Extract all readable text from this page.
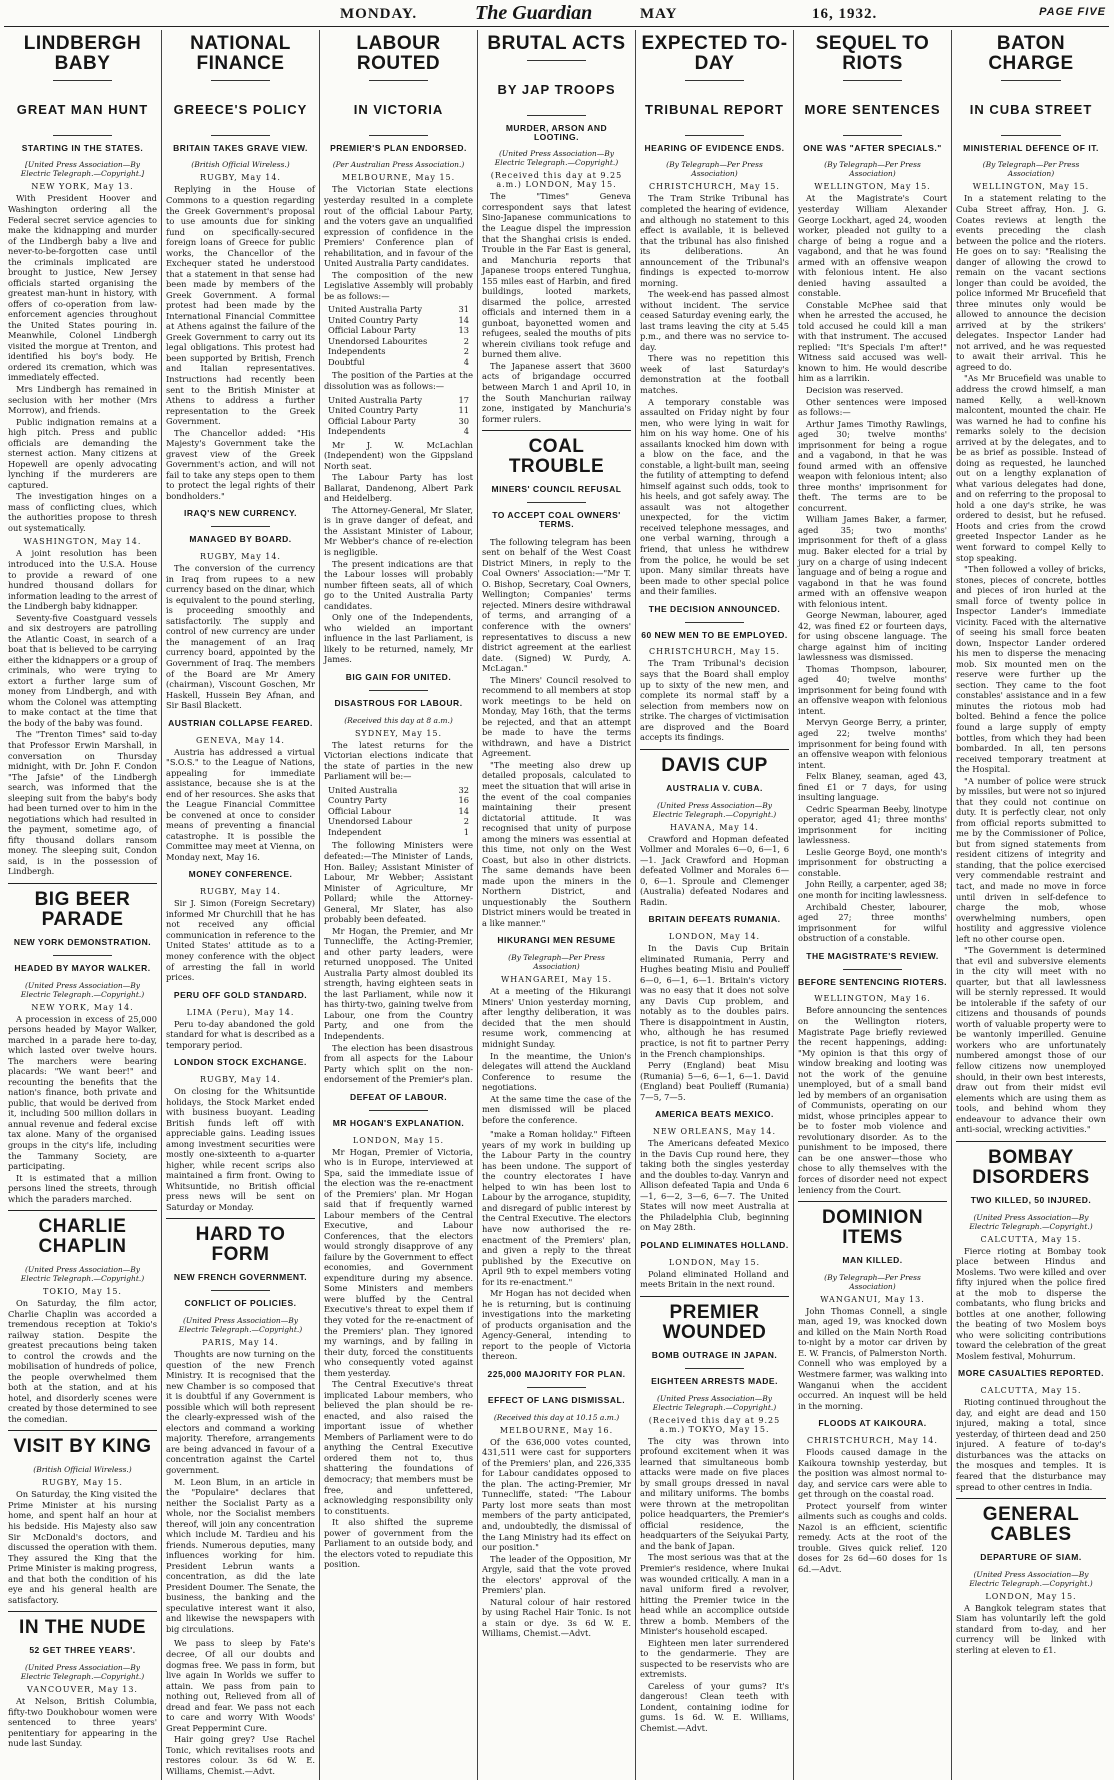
MONDAY.	The Guardian	MAY	16, 1932.	PAGE FIVE
LINDBERGH BABY
GREAT MAN HUNT
STARTING IN THE STATES.
[United Press Association—By Electric Telegraph.—Copyright.]
NEW YORK, May 13.

With President Hoover and Washington ordering all the Federal secret service agencies to make the kidnapping and murder of the Lindbergh baby a live and never-to-be-forgotten case until the criminals implicated are brought to justice, New Jersey officials started organising the greatest man-hunt in history, with offers of co-operation from law-enforcement agencies throughout the United States pouring in. Meanwhile, Colonel Lindbergh visited the morgue at Trenton, and identified his boy's body. He ordered its cremation, which was immediately effected.

Mrs Lindbergh has remained in seclusion with her mother (Mrs Morrow), and friends.

Public indignation remains at a high pitch. Press and public officials are demanding the sternest action. Many citizens at Hopewell are openly advocating lynching if the murderers are captured.

The investigation hinges on a mass of conflicting clues, which the authorities propose to thresh out systematically.

WASHINGTON, May 14.

A joint resolution has been introduced into the U.S.A. House to provide a reward of one hundred thousand dollars for information leading to the arrest of the Lindbergh baby kidnapper.

Seventy-five Coastguard vessels and six destroyers are patrolling the Atlantic Coast, in search of a boat that is believed to be carrying either the kidnappers or a group of criminals, who were trying to extort a further large sum of money from Lindbergh, and with whom the Colonel was attempting to make contact at the time that the body of the baby was found.

The "Trenton Times" said to-day that Professor Erwin Marshall, in conversation on Thursday midnight, with Dr. John F. Condon "The Jafsie" of the Lindbergh search, was informed that the sleeping suit from the baby's body had been turned over to him in the negotiations which had resulted in the payment, sometime ago, of fifty thousand dollars ransom money. The sleeping suit, Condon said, is in the possession of Lindbergh.

BIG BEER PARADE
NEW YORK DEMONSTRATION.
HEADED BY MAYOR WALKER.
(United Press Association—By Electric Telegraph.—Copyright.)
NEW YORK, May 14.

A procession in excess of 25,000 persons headed by Mayor Walker, marched in a parade here to-day, which lasted over twelve hours. The marchers were bearing placards: "We want beer!" and recounting the benefits that the nation's finance, both private and public, that would be derived from it, including 500 million dollars in annual revenue and federal excise tax alone. Many of the organised groups in the city's life, including the Tammany Society, are participating.

It is estimated that a million persons lined the streets, through which the paraders marched.

CHARLIE CHAPLIN
(United Press Association—By Electric Telegraph.—Copyright.)
TOKIO, May 15.

On Saturday, the film actor, Charlie Chaplin was accorded a tremendous reception at Tokio's railway station. Despite the greatest precautions being taken to control the crowds and the mobilisation of hundreds of police, the people overwhelmed them both at the station, and at his hotel, and disorderly scenes were created by those determined to see the comedian.

VISIT BY KING
(British Official Wireless.)
RUGBY, May 15.

On Saturday, the King visited the Prime Minister at his nursing home, and spent half an hour at his bedside. His Majesty also saw Sir McDonald's doctors, and discussed the operation with them. They assured the King that the Prime Minister is making progress, and that both the condition of his eye and his general health are satisfactory.

IN THE NUDE
52 GET THREE YEARS'.
(United Press Association—By Electric Telegraph.—Copyright.)
VANCOUVER, May 13.

At Nelson, British Columbia, fifty-two Doukhobour women were sentenced to three years' penitentiary for appearing in the nude last Sunday.

NATIONAL FINANCE
GREECE'S POLICY
BRITAIN TAKES GRAVE VIEW.
(British Official Wireless.)
RUGBY, May 14.

Replying in the House of Commons to a question regarding the Greek Government's proposal to use amounts due for sinking fund on specifically-secured foreign loans of Greece for public works, the Chancellor of the Exchequer stated he understood that a statement in that sense had been made by members of the Greek Government. A formal protest had been made by the International Financial Committee at Athens against the failure of the Greek Government to carry out its legal obligations. This protest had been supported by British, French and Italian representatives. Instructions had recently been sent to the British Minister at Athens to address a further representation to the Greek Government.

The Chancellor added: "His Majesty's Government take the gravest view of the Greek Government's action, and will not fail to take any steps open to them to protect the legal rights of their bondholders."

IRAQ'S NEW CURRENCY.
MANAGED BY BOARD.
RUGBY, May 14.

The conversion of the currency in Iraq from rupees to a new currency based on the dinar, which is equivalent to the pound sterling, is proceeding smoothly and satisfactorily. The supply and control of new currency are under the management of an Iraq currency board, appointed by the Government of Iraq. The members of the Board are Mr Amery (chairman), Viscount Goschen, Mr Haskell, Hussein Bey Afnan, and Sir Basil Blackett.

AUSTRIAN COLLAPSE FEARED.
GENEVA, May 14.

Austria has addressed a virtual "S.O.S." to the League of Nations, appealing for immediate assistance, because she is at the end of her resources. She asks that the League Financial Committee be convened at once to consider means of preventing a financial catastrophe. It is possible the Committee may meet at Vienna, on Monday next, May 16.

MONEY CONFERENCE.
RUGBY, May 14.

Sir J. Simon (Foreign Secretary) informed Mr Churchill that he has not received any official communication in reference to the United States' attitude as to a money conference with the object of arresting the fall in world prices.

PERU OFF GOLD STANDARD.
LIMA (Peru), May 14.

Peru to-day abandoned the gold standard for what is described as a temporary period.

LONDON STOCK EXCHANGE.
RUGBY, May 14.

On closing for the Whitsuntide holidays, the Stock Market ended with business buoyant. Leading British funds left off with appreciable gains. Leading issues among investment securities were mostly one-sixteenth to a-quarter higher, while recent scrips also maintained a firm front. Owing to Whitsuntide, no British official press news will be sent on Saturday or Monday.

HARD TO FORM
NEW FRENCH GOVERNMENT.
CONFLICT OF POLICIES.
(United Press Association—By Electric Telegraph.—Copyright.)
PARIS, May 14.

Thoughts are now turning on the question of the new French Ministry. It is recognised that the new Chamber is so composed that it is doubtful if any Government is possible which will both represent the clearly-expressed wish of the electors and command a working majority. Therefore, arrangements are being advanced in favour of a concentration against the Cartel government.

M. Leon Blum, in an article in the "Populaire" declares that neither the Socialist Party as a whole, nor the Socialist members thereof, will join any concentration which include M. Tardieu and his friends. Numerous deputies, many influences working for him. President Lebrun wants a concentration, as did the late President Doumer. The Senate, the business, the banking and the speculative interest want it also, and likewise the newspapers with big circulations.

We pass to sleep by Fate's decree, Of all our doubts and dogmas free. We pass in form, but live again In Worlds we suffer to attain. We pass from pain to nothing out, Relieved from all of dread and fear. We pass not each to care and worry With Woods' Great Peppermint Cure.

Hair going grey? Use Rachel Tonic, which revitalises roots and restores colour. 3s 6d W. E. Williams, Chemist.—Advt.

LABOUR ROUTED
IN VICTORIA
PREMIER'S PLAN ENDORSED.
(Per Australian Press Association.)
MELBOURNE, May 15.

The Victorian State elections yesterday resulted in a complete rout of the official Labour Party, and the voters gave an unqualified expression of confidence in the Premiers' Conference plan of rehabilitation, and in favour of the United Australia Party candidates.

The composition of the new Legislative Assembly will probably be as follows:—

United Australia Party	31
United Country Party	14
Official Labour Party	13
Unendorsed Labourites	2
Independents	2
Doubtful	4

The position of the Parties at the dissolution was as follows:—

United Australia Party	17
United Country Party	11
Official Labour Party	30
Independents	4

Mr J. W. McLachlan (Independent) won the Gippsland North seat.

The Labour Party has lost Ballarat, Dandenong, Albert Park and Heidelberg.

The Attorney-General, Mr Slater, is in grave danger of defeat, and the Assistant Minister of Labour, Mr Webber's chance of re-election is negligible.

The present indications are that the Labour losses will probably number fifteen seats, all of which go to the United Australia Party candidates.

Only one of the Independents, who wielded an important influence in the last Parliament, is likely to be returned, namely, Mr James.

BIG GAIN FOR UNITED.
DISASTROUS FOR LABOUR.
(Received this day at 8 a.m.)
SYDNEY, May 15.

The latest returns for the Victorian elections indicate that the state of parties in the new Parliament will be:—

United Australia	32
Country Party	16
Official Labour	14
Unendorsed Labour	2
Independent	1

The following Ministers were defeated:—The Minister of Lands, Hon. Bailey; Assistant Minister of Labour, Mr Webber; Assistant Minister of Agriculture, Mr Pollard; while the Attorney-General, Mr Slater, has also probably been defeated.

Mr Hogan, the Premier, and Mr Tunnecliffe, the Acting-Premier, and other party leaders, were returned unopposed. The United Australia Party almost doubled its strength, having eighteen seats in the last Parliament, while now it has thirty-two, gaining twelve from Labour, one from the Country Party, and one from the Independents.

The election has been disastrous from all aspects for the Labour Party which split on the non-endorsement of the Premier's plan.

DEFEAT OF LABOUR.
MR HOGAN'S EXPLANATION.
LONDON, May 15.

Mr Hogan, Premier of Victoria, who is in Europe, interviewed at Spa, said the immediate issue of the election was the re-enactment of the Premiers' plan. Mr Hogan said that if frequently warned Labour members of the Central Executive, and Labour Conferences, that the electors would strongly disapprove of any failure by the Government to effect economies, and Government expenditure during my absence. Some Ministers and members were bluffed by the Central Executive's threat to expel them if they voted for the re-enactment of the Premiers' plan. They ignored my warnings, and by failing in their duty, forced the constituents who consequently voted against them yesterday.

The Central Executive's threat implicated Labour members, who believed the plan should be re-enacted, and also raised the important issue of whether Members of Parliament were to do anything the Central Executive ordered them not to, thus shattering the foundations of democracy; that members must be free, and unfettered, acknowledging responsibility only to constituents.

It also shifted the supreme power of government from the Parliament to an outside body, and the electors voted to repudiate this position.

BRUTAL ACTS
BY JAP TROOPS
MURDER, ARSON AND LOOTING.
(United Press Association—By Electric Telegraph.—Copyright.)
(Received this day at 9.25 a.m.) LONDON, May 15.

The "Times" Geneva correspondent says that latest Sino-Japanese communications to the League dispel the impression that the Shanghai crisis is ended. Trouble in the Far East is general, and Manchuria reports that Japanese troops entered Tunghua, 155 miles east of Harbin, and fired buildings, looted markets, disarmed the police, arrested officials and interned them in a gunboat, bayonetted women and refugees, sealed the mouths of pits wherein civilians took refuge and burned them alive.

The Japanese assert that 3600 acts of brigandage occurred between March 1 and April 10, in the South Manchurian railway zone, instigated by Manchuria's former rulers.

COAL TROUBLE
MINERS' COUNCIL REFUSAL
TO ACCEPT COAL OWNERS' TERMS.

The following telegram has been sent on behalf of the West Coast District Miners, in reply to the Coal Owners' Association:—"Mr T. O. Bishop, Secretary, Coal Owners, Wellington; Companies' terms rejected. Miners desire withdrawal of terms, and arranging of a conference with the owners' representatives to discuss a new district agreement at the earliest date. (Signed) W. Purdy, A. McLagan."

The Miners' Council resolved to recommend to all members at stop work meetings to be held on Monday, May 16th, that the terms be rejected, and that an attempt be made to have the terms withdrawn, and have a District Agreement.

"The meeting also drew up detailed proposals, calculated to meet the situation that will arise in the event of the coal companies maintaining their present dictatorial attitude. It was recognised that unity of purpose among the miners was essential at this time, not only on the West Coast, but also in other districts. The same demands have been made upon the miners in the Northern District, and unquestionably the Southern District miners would be treated in a like manner."

HIKURANGI MEN RESUME
(By Telegraph—Per Press Association)
WHANGAREI, May 15.

At a meeting of the Hikurangi Miners' Union yesterday morning, after lengthy deliberation, it was decided that the men should resume work, commencing at midnight Sunday.

In the meantime, the Union's delegates will attend the Auckland Conference to resume the negotiations.

At the same time the case of the men dismissed will be placed before the conference.

"make a Roman holiday." Fifteen years of my work in building up the Labour Party in the country has been undone. The support of the country electorates I have helped to win has been lost to Labour by the arrogance, stupidity, and disregard of public interest by the Central Executive. The electors have now authorised the re-enactment of the Premiers' plan, and given a reply to the threat published by the Executive on April 9th to expel members voting for its re-enactment."

Mr Hogan has not decided when he is returning, but is continuing investigations into the marketing of products organisation and the Agency-General, intending to report to the people of Victoria thereon.

225,000 MAJORITY FOR PLAN.
EFFECT OF LANG DISMISSAL.
(Received this day at 10.15 a.m.)
MELBOURNE, May 16.

Of the 636,000 votes counted, 431,511 were cast for supporters of the Premiers' plan, and 226,335 for Labour candidates opposed to the plan. The acting-Premier, Mr Tunnecliffe, stated: "The Labour Party lost more seats than most members of the party anticipated, and, undoubtedly, the dismissal of the Lang Ministry had its effect on our position."

The leader of the Opposition, Mr Argyle, said that the vote proved the electors' approval of the Premiers' plan.

Natural colour of hair restored by using Rachel Hair Tonic. Is not a stain or dye. 3s 6d W. E. Williams, Chemist.—Advt.

EXPECTED TO-DAY
TRIBUNAL REPORT
HEARING OF EVIDENCE ENDS.
(By Telegraph—Per Press Association)
CHRISTCHURCH, May 15.

The Tram Strike Tribunal has completed the hearing of evidence, and although no statement to this effect is available, it is believed that the tribunal has also finished its deliberations. An announcement of the Tribunal's findings is expected to-morrow morning.

The week-end has passed almost without incident. The service ceased Saturday evening early, the last trams leaving the city at 5.45 p.m., and there was no service to-day.

There was no repetition this week of last Saturday's demonstration at the football matches.

A temporary constable was assaulted on Friday night by four men, who were lying in wait for him on his way home. One of his assailants knocked him down with a blow on the face, and the constable, a light-built man, seeing the futility of attempting to defend himself against such odds, took to his heels, and got safely away. The assault was not altogether unexpected, for the victim received telephone messages, and one verbal warning, through a friend, that unless he withdrew from the police, he would be set upon. Many similar threats have been made to other special police and their families.

THE DECISION ANNOUNCED.
60 NEW MEN TO BE EMPLOYED.
CHRISTCHURCH, May 15.

The Tram Tribunal's decision says that the Board shall employ up to sixty of the new men, and complete its normal staff by a selection from members now on strike. The charges of victimisation are disproved and the Board accepts its findings.

DAVIS CUP
AUSTRALIA V. CUBA.
(United Press Association—By Electric Telegraph.—Copyright.)
HAVANA, May 14.

Crawford and Hopman defeated Vollmer and Morales 6—0, 6—1, 6—1. Jack Crawford and Hopman defeated Vollmer and Morales 6—0, 6—1. Sproule and Clemenger (Australia) defeated Nodares and Radin.

BRITAIN DEFEATS RUMANIA.
LONDON, May 14.

In the Davis Cup Britain eliminated Rumania, Perry and Hughes beating Misiu and Poulieff 6—0, 6—1, 6—1. Britain's victory was no easy that it does not solve any Davis Cup problem, and notably as to the doubles pairs. There is disappointment in Austin, who, although he has resumed practice, is not fit to partner Perry in the French championships.

Perry (England) beat Misu (Rumania) 5—6, 6—1, 6—1. David (England) beat Poulieff (Rumania) 7—5, 7—5.

AMERICA BEATS MEXICO.
NEW ORLEANS, May 14.

The Americans defeated Mexico in the Davis Cup round here, they taking both the singles yesterday and the doubles to-day. Vanryn and Allison defeated Tapia and Unda 6—1, 6—2, 3—6, 6—7. The United States will now meet Australia at the Philadelphia Club, beginning on May 28th.

POLAND ELIMINATES HOLLAND.
LONDON, May 15.

Poland eliminated Holland and meets Britain in the next round.

PREMIER WOUNDED
BOMB OUTRAGE IN JAPAN.
EIGHTEEN ARRESTS MADE.
(United Press Association—By Electric Telegraph.—Copyright.)
(Received this day at 9.25 a.m.) TOKYO, May 15.

The city was thrown into profound excitement when it was learned that simultaneous bomb attacks were made on five places by small groups dressed in naval and military uniforms. The bombs were thrown at the metropolitan police headquarters, the Premier's official residence, the headquarters of the Seiyukai Party, and the bank of Japan.

The most serious was that at the Premier's residence, where Inukai was wounded critically. A man in a naval uniform fired a revolver, hitting the Premier twice in the head while an accomplice outside threw a bomb. Members of the Minister's household escaped.

Eighteen men later surrendered to the gendarmerie. They are suspected to be reservists who are extremists.

Careless of your gums? It's dangerous! Clean teeth with Londent, containing iodine for gums. 1s 6d. W. E. Williams, Chemist.—Advt.

SEQUEL TO RIOTS
MORE SENTENCES
ONE WAS "AFTER SPECIALS."
(By Telegraph—Per Press Association)
WELLINGTON, May 15.

At the Magistrate's Court yesterday William Alexander George Lockhart, aged 24, wooden worker, pleaded not guilty to a charge of being a rogue and a vagabond, and that he was found armed with an offensive weapon with felonious intent. He also denied having assaulted a constable.

Constable McPhee said that when he arrested the accused, he told accused he could kill a man with that instrument. The accused replied: "It's Specials I'm after!" Witness said accused was well-known to him. He would describe him as a larrikin.

Decision was reserved.

Other sentences were imposed as follows:—

Arthur James Timothy Rawlings, aged 30; twelve months' imprisonment for being a rogue and a vagabond, in that he was found armed with an offensive weapon with felonious intent; also three months' imprisonment for theft. The terms are to be concurrent.

William James Baker, a farmer, aged 35; two months' imprisonment for theft of a glass mug. Baker elected for a trial by jury on a charge of using indecent language and of being a rogue and vagabond in that he was found armed with an offensive weapon with felonious intent.

George Newman, labourer, aged 42, was fined £2 or fourteen days, for using obscene language. The charge against him of inciting lawlessness was dismissed.

Thomas Thompson, labourer, aged 40; twelve months' imprisonment for being found with an offensive weapon with felonious intent.

Mervyn George Berry, a printer, aged 22; twelve months' imprisonment for being found with an offensive weapon with felonious intent.

Felix Blaney, seaman, aged 43, fined £1 or 7 days, for using insulting language.

Cedric Spearman Beeby, linotype operator, aged 41; three months' imprisonment for inciting lawlessness.

Leslie George Boyd, one month's imprisonment for obstructing a constable.

John Reilly, a carpenter, aged 38; one month for inciting lawlessness.

Archibald Chester, labourer, aged 27; three months' imprisonment for wilful obstruction of a constable.

THE MAGISTRATE'S REVIEW.
BEFORE SENTENCING RIOTERS.
WELLINGTON, May 16.

Before announcing the sentences on the Wellington rioters, Magistrate Page briefly reviewed the recent happenings, adding: "My opinion is that this orgy of window breaking and looting was not the work of the genuine unemployed, but of a small band led by members of an organisation of Communists, operating on our midst, whose principles appear to be to foster mob violence and revolutionary disorder. As to the punishment to be imposed, there can be one answer—those who chose to ally themselves with the forces of disorder need not expect leniency from the Court.

DOMINION ITEMS
MAN KILLED.
(By Telegraph—Per Press Association)
WANGANUI, May 13.

John Thomas Connell, a single man, aged 19, was knocked down and killed on the Main North Road to-night by a motor car driven by E. W. Francis, of Palmerston North. Connell who was employed by a Westmere farmer, was walking into Wanganui when the accident occurred. An inquest will be held in the morning.

FLOODS AT KAIKOURA.
CHRISTCHURCH, May 14.

Floods caused damage in the Kaikoura township yesterday, but the position was almost normal to-day, and service cars were able to get through on the coastal road.

Protect yourself from winter ailments such as coughs and colds. Nazol is an efficient, scientific remedy. Acts at the root of the trouble. Gives quick relief. 120 doses for 2s 6d—60 doses for 1s 6d.—Advt.

BATON CHARGE
IN CUBA STREET
MINISTERIAL DEFENCE OF IT.
(By Telegraph—Per Press Association)
WELLINGTON, May 15.

In a statement relating to the Cuba Street affray, Hon. J. G. Coates reviews at length the events preceding the clash between the police and the rioters. He goes on to say: "Realising the danger of allowing the crowd to remain on the vacant sections longer than could be avoided, the police informed Mr Brucefield that three minutes only would be allowed to announce the decision arrived at by the strikers' delegates. Inspector Lander had not arrived, and he was requested to await their arrival. This he agreed to do.

"As Mr Brucefield was unable to address the crowd himself, a man named Kelly, a well-known malcontent, mounted the chair. He was warned he had to confine his remarks solely to the decision arrived at by the delegates, and to be as brief as possible. Instead of doing as requested, he launched out on a lengthy explanation of what various delegates had done, and on referring to the proposal to hold a one day's strike, he was ordered to desist, but he refused. Hoots and cries from the crowd greeted Inspector Lander as he went forward to compel Kelly to stop speaking.

"Then followed a volley of bricks, stones, pieces of concrete, bottles and pieces of iron hurled at the small force of twenty police in Inspector Lander's immediate vicinity. Faced with the alternative of seeing his small force beaten down, Inspector Lander ordered his men to disperse the menacing mob. Six mounted men on the reserve were further up the section. They came to the foot constables' assistance and in a few minutes the riotous mob had bolted. Behind a fence the police found a large supply of empty bottles, from which they had been bombarded. In all, ten persons received temporary treatment at the Hospital.

"A number of police were struck by missiles, but were not so injured that they could not continue on duty. It is perfectly clear, not only from official reports submitted to me by the Commissioner of Police, but from signed statements from resident citizens of integrity and standing, that the police exercised very commendable restraint and tact, and made no move in force until driven in self-defence to charge the mob, whose overwhelming numbers, open hostility and aggressive violence left no other course open.

"The Government is determined that evil and subversive elements in the city will meet with no quarter, but that all lawlessness will be sternly repressed. It would be intolerable if the safety of our citizens and thousands of pounds worth of valuable property were to be wantonly imperilled. Genuine workers who are unfortunately numbered amongst those of our fellow citizens now unemployed should, in their own best interests, draw out from their midst evil elements which are using them as tools, and behind whom they endeavour to advance their own anti-social, wrecking activities."

BOMBAY DISORDERS
TWO KILLED, 50 INJURED.
(United Press Association—By Electric Telegraph.—Copyright.)
CALCUTTA, May 15.

Fierce rioting at Bombay took place between Hindus and Moslems. Two were killed and over fifty injured when the police fired at the mob to disperse the combatants, who flung bricks and bottles at one another, following the beating of two Moslem boys who were soliciting contributions toward the celebration of the great Moslem festival, Mohurrum.

MORE CASUALTIES REPORTED.
CALCUTTA, May 15.

Rioting continued throughout the day, and eight are dead and 150 injured, making a total, since yesterday, of thirteen dead and 250 injured. A feature of to-day's disturbances was the attacks on the mosques and temples. It is feared that the disturbance may spread to other centres in India.

GENERAL CABLES
DEPARTURE OF SIAM.
(United Press Association—By Electric Telegraph.—Copyright.)
LONDON, May 15.

A Bangkok telegram states that Siam has voluntarily left the gold standard from to-day, and her currency will be linked with sterling at eleven to £1.
